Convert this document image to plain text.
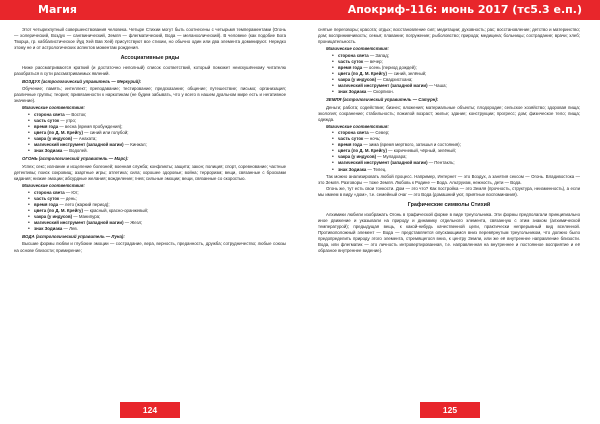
Магия

Этот четырехпутный совершенствования человека. Четыре Стихии могут быть соотнесены с четырьмя темпераментами (Огонь — холерический, Воздух — сангвинический, Земля — флегматический, Вода — меланхолический). В человеке (как подобие Бога Творца, гр. каббалистическое Йуд Хей Вав Хей) присутствуют все стихии, но обычно один или два элемента доминируют. Нередко этому не и от астрологических аспектов моментам рождения.

Ассоциативные ряды

Ниже рассматриваются краткий (и достаточно неполный) список соответствий, который поможет неискушённому читателю разобраться в сути рассматриваемых явлений.

ВОЗДУХ (астрологический управитель — Меркурий):

Обучение; память; интеллект; преподавание; тестирование; предсказание; общение; путешествие; письмо; организация; различные группы; теория; привязанности к наркотикам (не будем забывать, что у всего в нашем дуальном мире есть и негативное значение).

Магические соответствия:

• сторона света — Восток;
• часть суток — утро;
• время года — весна (время пробуждения);
• цвета (по Д. М. Крейгу) — синий или голубой;
• чакра (у индусов) — Анахата;
• магический инструмент (западной магии) — Кинжал;
• знак Зодиака — Водолей.

ОГОНЬ (астрологический управитель — Марс):

Успех; секс; изгнание и исцеление болезней; военная служба; конфликты; защита; закон; полиция; спорт, соревнование; частные детективы; поиск сокровищ; азартные игры; атлетика; сила; хорошее здоровье; война; терроризм; вещи, связанные с бросками кидания; низкие эмоции; абсурдные желания; вожделение; гнев; сильные эмоции; вещи, связанные со скоростью.

Магические соответствия:

• сторона света — Юг;
• часть суток — день;
• время года — лето (жаркий период);
• цвета (по Д. М. Крейгу) — красный, красно-оранжевый;
• чакра (у индусов) — Манипура;
• магический инструмент (западной магии) — Жезл;
• знак Зодиака — Лев.

ВОДА (астрологический управитель — Луна):

Высшие формы любви и глубокие эмоции — сострадание, вера, верность, преданность, дружба; сотрудничество; любые союзы на основе близости; примирение;

124
Апокриф-116: июнь 2017 (тс5.3 e.п.)

снятые переговоры; красота; отдых; восстановление сил; медитации; духовность; рас; восстановление; детство и материнство; дом; воспринимчивость; семья; плавание; погружение; рыболовство; природа; медицина; больницы; сострадание; врачи; хлеб; проницательность.

Магические соответствия:

• сторона света — Запад;
• часть суток — вечер;
• время года — осень (период дождей);
• цвета (по Д. М. Крейгу) — синий, зелёный;
• чакра (у индусов) — Свадхистхана;
• магический инструмент (западной магии) — Чаша;
• знак Зодиака — Скорпион.

ЗЕМЛЯ (астрологический управитель — Сатурн):

Деньги; работа; содействие; бизнес; вложения; материальные объекты; плодородие; сельское хозяйство; здоровая пища; экология; сохранение; стабильность; пожилой возраст; жилье; здание; конструкции; прогресс; дом; физическое тело; пища; одежда.

Магические соответствия:

• сторона света — Север;
• часть суток — ночь;
• время года — зима (время мертвого, затишья и состояния);
• цвета (по Д. М. Крейгу) — коричневый, чёрный, зелёный;
• чакра (у индусов) — Муладхара;
• магический инструмент (западной магии) — Пентакль;
• знак Зодиака — Телец.

Так можно анализировать любой процесс. Например, Интернет — это Воздух, а занятия сексом — Огонь. Владивостока — это Земля. Разговоры — тоже Земля. Любовь к Родине — Вода. Альтруизм, нежность, дети — Вода.

Огонь же, тут есть свои тонкости. Дом — это что? Как постройка — это Земля (прочность, структура, неизменность), а если мы имеем в виду «дом», т.е. семейный очаг — это Вода (домашний уют, приятные воспоминания).

Графические символы Стихий

Алхимики любили изображать Огонь в графической форме в виде треугольника. Эти формы предполагали принципиально иное движение и указывали на природу и динамику отдельного элемента, связанную с этим знаком (алхимической температурой); предыдущая вещь, к какой-нибудь качественной цели, практически непрерывный вид вселенной. Противоположный элемент — Вода — представляется опускающимся вниз перевёрнутым треугольником, что должно было предопределить природу этого элемента, стремящегося вниз, к центру Земли, или же её внутреннее направление близости. Вода, или флегматик — это личность интровертированная, т.е. направленная на внутреннее и постоянное восприятие и её образное внутреннее видение).

125
